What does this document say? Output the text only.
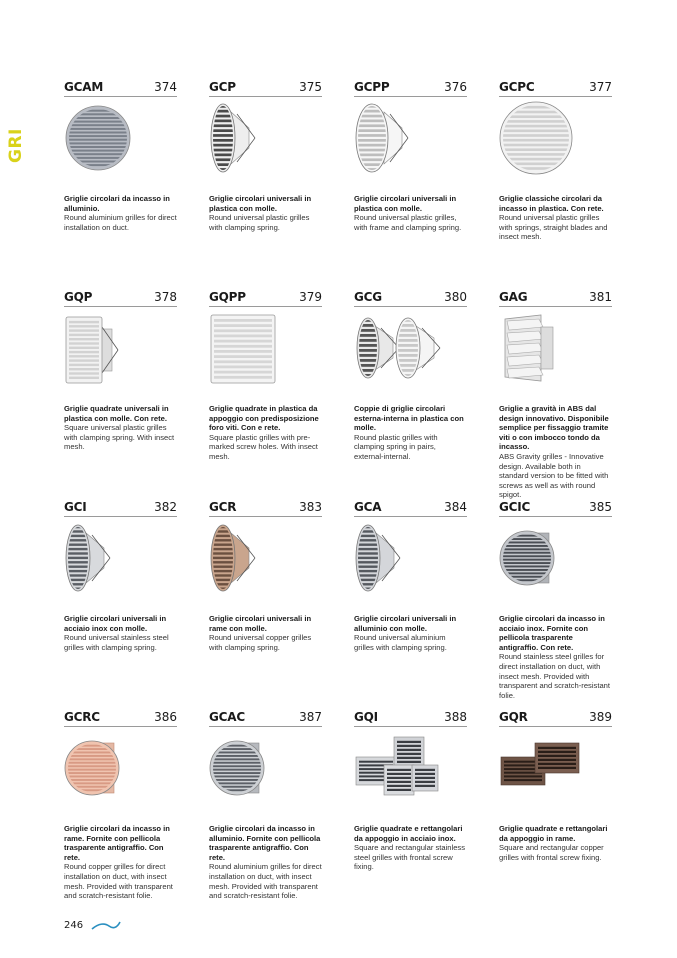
GRI
GCAM	374
Griglie circolari da incasso in alluminio.
Round aluminium grilles for direct installation on duct.
GCP	375
Griglie circolari universali in plastica con molle.
Round universal plastic grilles with clamping spring.
GCPP	376
Griglie circolari universali in plastica con molle.
Round universal plastic grilles, with frame and clamping spring.
GCPC	377
Griglie classiche circolari da incasso in plastica. Con rete.
Round universal plastic grilles with springs, straight blades and insect mesh.
GQP	378
Griglie quadrate universali in plastica con molle. Con rete.
Square universal plastic grilles with clamping spring. With insect mesh.
GQPP	379
Griglie quadrate in plastica da appoggio con predisposizione foro viti. Con e rete.
Square plastic grilles with pre-marked screw holes. With insect mesh.
GCG	380
Coppie di griglie circolari esterna-interna in plastica con molle.
Round plastic grilles with clamping spring in pairs, external-internal.
GAG	381
Griglie a gravità in ABS dal design innovativo. Disponibile semplice per fissaggio tramite viti o con imbocco tondo da incasso.
ABS Gravity grilles - Innovative design. Available both in standard version to be fitted with screws as well as with round spigot.
GCI	382
Griglie circolari universali in acciaio inox con molle.
Round universal stainless steel grilles with clamping spring.
GCR	383
Griglie circolari universali in rame con molle.
Round universal copper grilles with clamping spring.
GCA	384
Griglie circolari universali in alluminio con molle.
Round universal aluminium grilles with clamping spring.
GCIC	385
Griglie circolari da incasso in acciaio inox. Fornite con pellicola trasparente antigraffio. Con rete.
Round stainless steel grilles for direct installation on duct, with insect mesh. Provided with transparent and scratch-resistant folie.
GCRC	386
Griglie circolari da incasso in rame. Fornite con pellicola trasparente antigraffio. Con rete.
Round copper grilles for direct installation on duct, with insect mesh. Provided with transparent and scratch-resistant folie.
GCAC	387
Griglie circolari da incasso in alluminio. Fornite con pellicola trasparente antigraffio. Con rete.
Round aluminium grilles for direct installation on duct, with insect mesh. Provided with transparent and scratch-resistant folie.
GQI	388
Griglie quadrate e rettangolari da appoggio in acciaio inox.
Square and rectangular stainless steel grilles with frontal screw fixing.
GQR	389
Griglie quadrate e rettangolari da appoggio in rame.
Square and rectangular copper grilles with frontal screw fixing.
246
